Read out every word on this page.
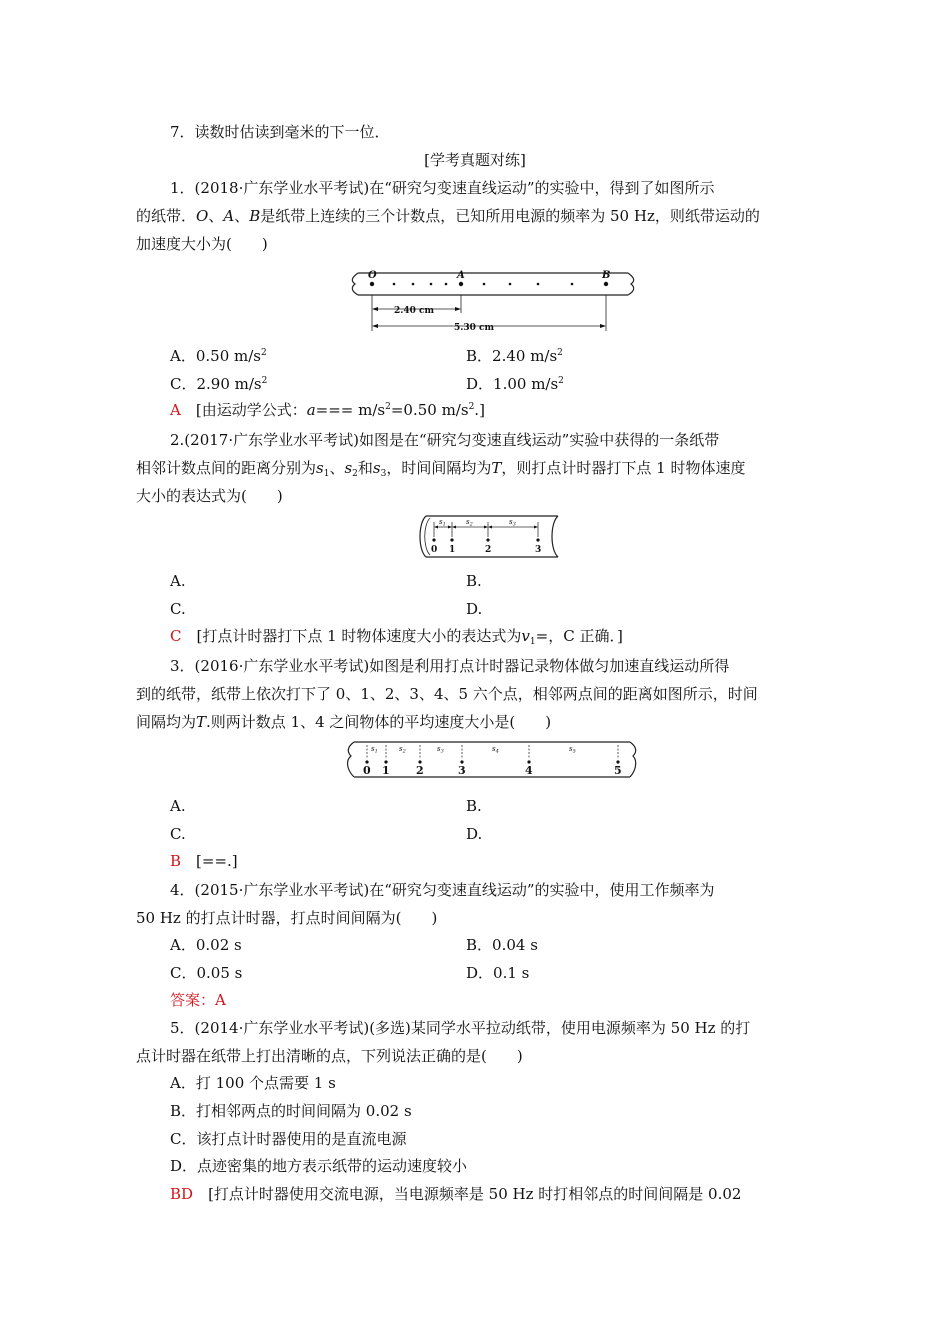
7．读数时估读到毫米的下一位．
[学考真题对练]
1．(2018·广东学业水平考试)在“研究匀变速直线运动”的实验中，得到了如图所示
的纸带．O、A、B是纸带上连续的三个计数点，已知所用电源的频率为 50 Hz，则纸带运动的
加速度大小为(　　)
O	A	B
2.40 cm
5.30 cm
A．0.50 $m/s^2$	B．2.40 $m/s^2$
C．2.90 $m/s^2$	D．1.00 $m/s^2$
A  [由运动学公式：$a=== m/s^2=0.50$ $m/s^2$.]
2.(2017·广东学业水平考试)如图是在“研究匀变速直线运动”实验中获得的一条纸带
相邻计数点间的距离分别为$s_1$、$s_2$和$s_3$，时间间隔均为T，则打点计时器打下点 1 时物体速度
大小的表达式为(　　)
$s_1$	$s_2$	$s_3$
0 1	2	3
A.	B.
C.	D.
C  [打点计时器打下点 1 时物体速度大小的表达式为$v_1=$，C 正确．]
3．(2016·广东学业水平考试)如图是利用打点计时器记录物体做匀加速直线运动所得
到的纸带，纸带上依次打下了 0、1、2、3、4、5 六个点，相邻两点间的距离如图所示，时间
间隔均为T.则两计数点 1、4 之间物体的平均速度大小是(　　)
$s_1$	$s_2$	$s_3$	$s_4$	$s_5$
0 1 2	3	4	5
A.	B.
C.	D.
B  [==.]
4．(2015·广东学业水平考试)在“研究匀变速直线运动”的实验中，使用工作频率为
50 Hz 的打点计时器，打点时间间隔为(　　)
A．0.02 s	B．0.04 s
C．0.05 s	D．0.1 s
答案：A
5．(2014·广东学业水平考试)(多选)某同学水平拉动纸带，使用电源频率为 50 Hz 的打
点计时器在纸带上打出清晰的点，下列说法正确的是(　　)
A．打 100 个点需要 1 s
B．打相邻两点的时间间隔为 0.02 s
C．该打点计时器使用的是直流电源
D．点迹密集的地方表示纸带的运动速度较小
BD  [打点计时器使用交流电源，当电源频率是 50 Hz 时打相邻点的时间间隔是 0.02
